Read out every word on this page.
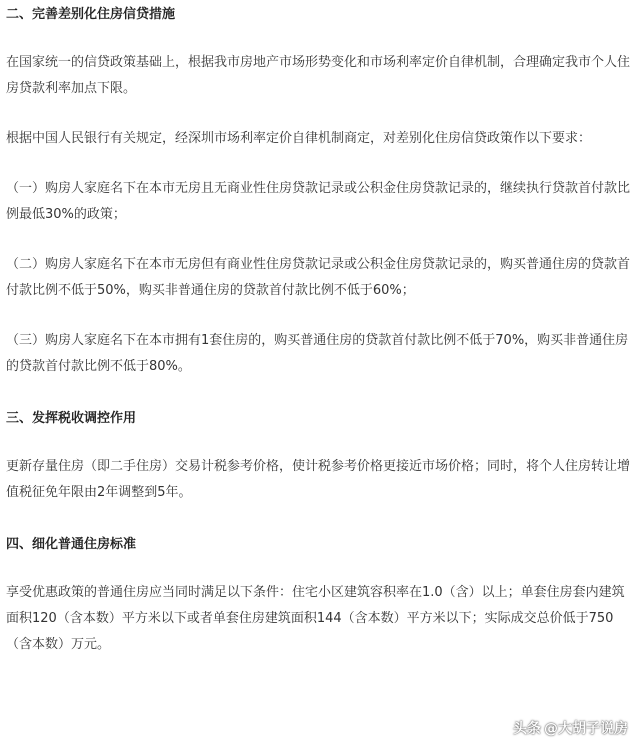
二、完善差别化住房信贷措施

在国家统一的信贷政策基础上，根据我市房地产市场形势变化和市场利率定价自律机制，合理确定我市个人住房贷款利率加点下限。

根据中国人民银行有关规定，经深圳市场利率定价自律机制商定，对差别化住房信贷政策作以下要求：

（一）购房人家庭名下在本市无房且无商业性住房贷款记录或公积金住房贷款记录的，继续执行贷款首付款比例最低30%的政策；

（二）购房人家庭名下在本市无房但有商业性住房贷款记录或公积金住房贷款记录的，购买普通住房的贷款首付款比例不低于50%，购买非普通住房的贷款首付款比例不低于60%；

（三）购房人家庭名下在本市拥有1套住房的，购买普通住房的贷款首付款比例不低于70%，购买非普通住房的贷款首付款比例不低于80%。

三、发挥税收调控作用

更新存量住房（即二手住房）交易计税参考价格，使计税参考价格更接近市场价格；同时，将个人住房转让增值税征免年限由2年调整到5年。

四、细化普通住房标准

享受优惠政策的普通住房应当同时满足以下条件：住宅小区建筑容积率在1.0（含）以上；单套住房套内建筑面积120（含本数）平方米以下或者单套住房建筑面积144（含本数）平方米以下；实际成交总价低于750（含本数）万元。

头条 @大胡子说房
